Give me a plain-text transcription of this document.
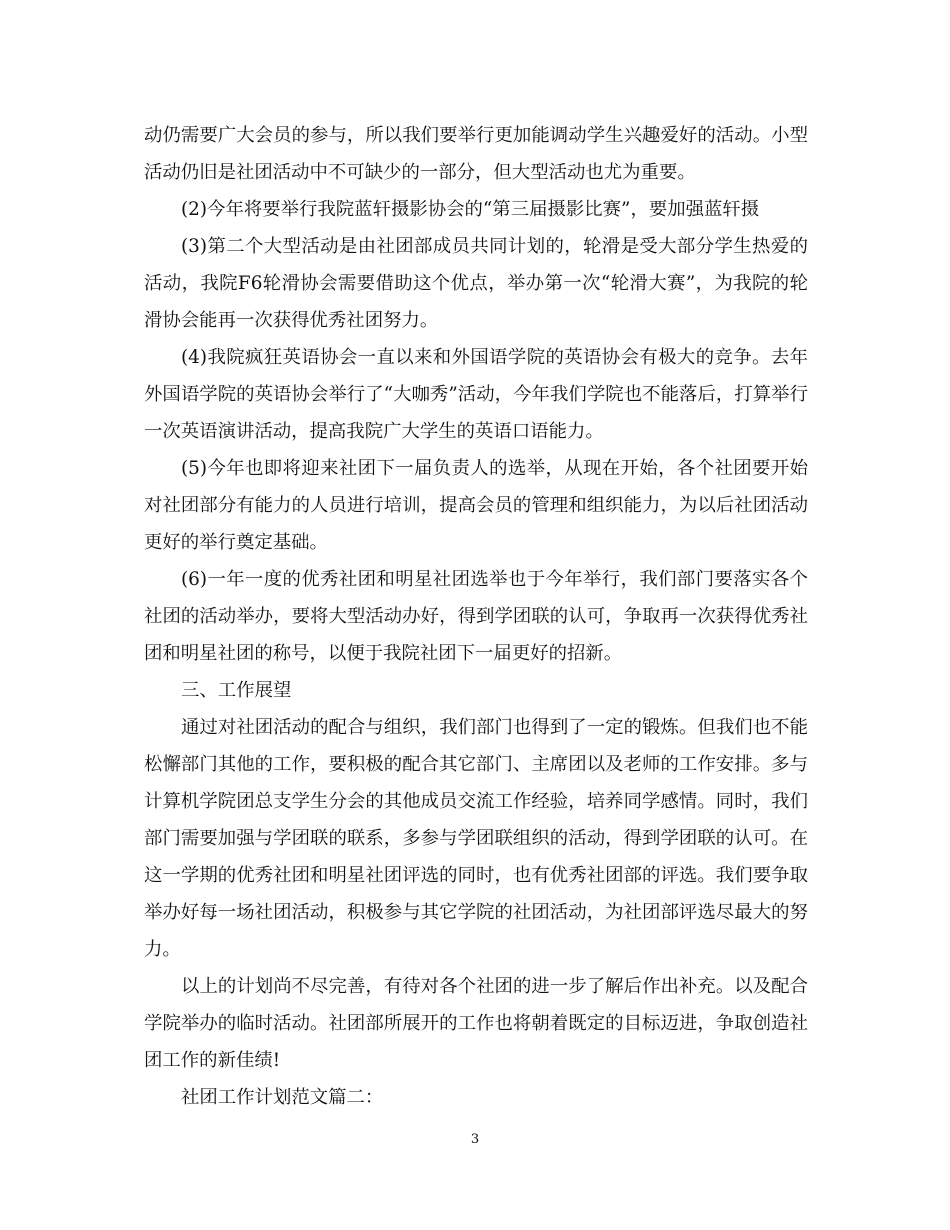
动仍需要广大会员的参与，所以我们要举行更加能调动学生兴趣爱好的活动。小型活动仍旧是社团活动中不可缺少的一部分，但大型活动也尤为重要。

(2)今年将要举行我院蓝轩摄影协会的“第三届摄影比赛”，要加强蓝轩摄

(3)第二个大型活动是由社团部成员共同计划的，轮滑是受大部分学生热爱的活动，我院F6轮滑协会需要借助这个优点，举办第一次“轮滑大赛”，为我院的轮滑协会能再一次获得优秀社团努力。

(4)我院疯狂英语协会一直以来和外国语学院的英语协会有极大的竞争。去年外国语学院的英语协会举行了“大咖秀”活动，今年我们学院也不能落后，打算举行一次英语演讲活动，提高我院广大学生的英语口语能力。

(5)今年也即将迎来社团下一届负责人的选举，从现在开始，各个社团要开始对社团部分有能力的人员进行培训，提高会员的管理和组织能力，为以后社团活动更好的举行奠定基础。

(6)一年一度的优秀社团和明星社团选举也于今年举行，我们部门要落实各个社团的活动举办，要将大型活动办好，得到学团联的认可，争取再一次获得优秀社团和明星社团的称号，以便于我院社团下一届更好的招新。

三、工作展望

通过对社团活动的配合与组织，我们部门也得到了一定的锻炼。但我们也不能松懈部门其他的工作，要积极的配合其它部门、主席团以及老师的工作安排。多与计算机学院团总支学生分会的其他成员交流工作经验，培养同学感情。同时，我们部门需要加强与学团联的联系，多参与学团联组织的活动，得到学团联的认可。在这一学期的优秀社团和明星社团评选的同时，也有优秀社团部的评选。我们要争取举办好每一场社团活动，积极参与其它学院的社团活动，为社团部评选尽最大的努力。

以上的计划尚不尽完善，有待对各个社团的进一步了解后作出补充。以及配合学院举办的临时活动。社团部所展开的工作也将朝着既定的目标迈进，争取创造社团工作的新佳绩!

社团工作计划范文篇二：

3
